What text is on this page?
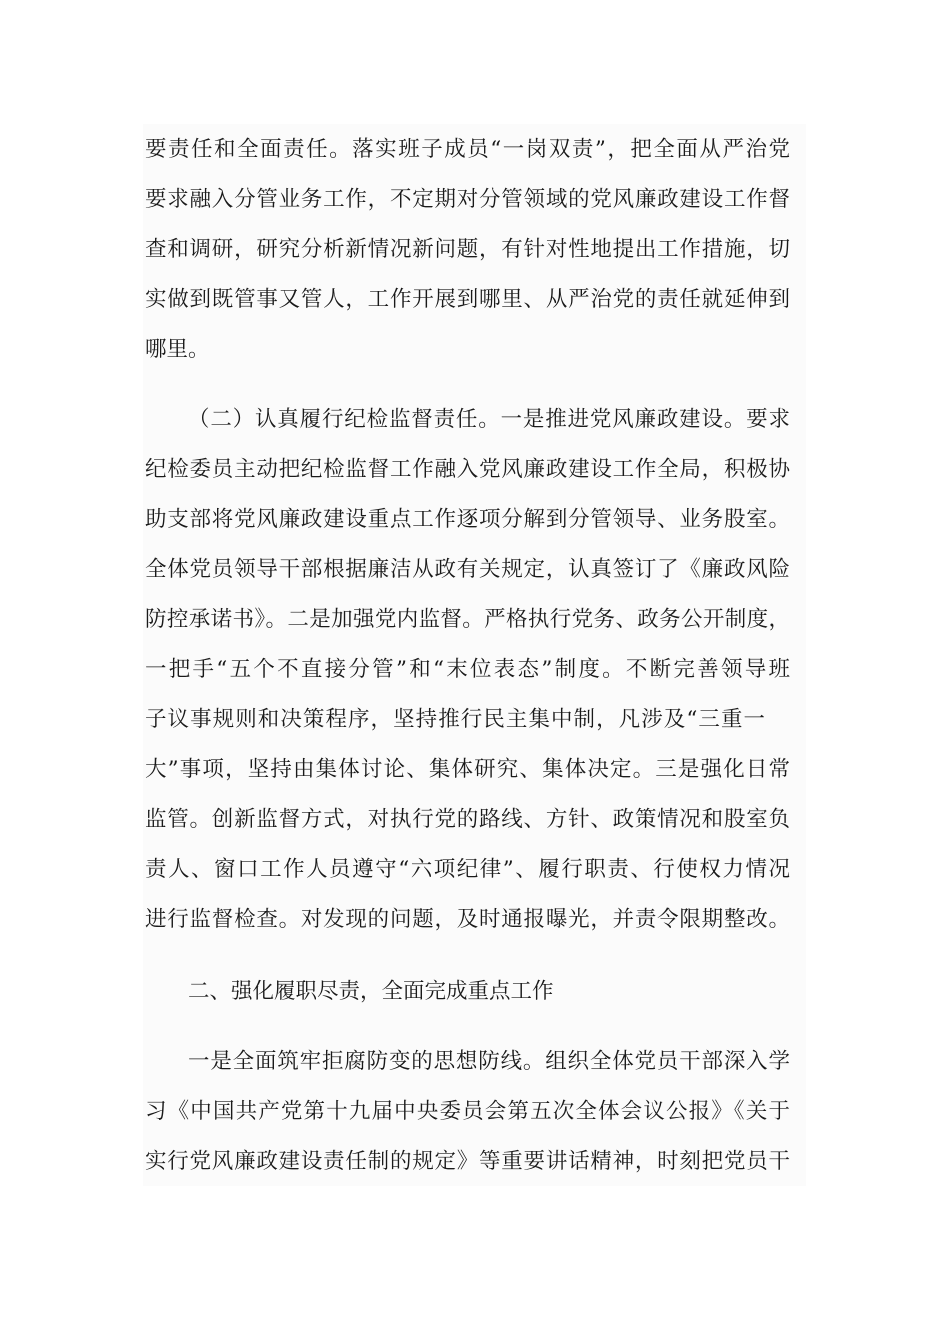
要责任和全面责任。落实班子成员“一岗双责”，把全面从严治党
要求融入分管业务工作，不定期对分管领域的党风廉政建设工作督
查和调研，研究分析新情况新问题，有针对性地提出工作措施，切
实做到既管事又管人，工作开展到哪里、从严治党的责任就延伸到
哪里。
（二）认真履行纪检监督责任。一是推进党风廉政建设。要求
纪检委员主动把纪检监督工作融入党风廉政建设工作全局，积极协
助支部将党风廉政建设重点工作逐项分解到分管领导、业务股室。
全体党员领导干部根据廉洁从政有关规定，认真签订了《廉政风险
防控承诺书》。二是加强党内监督。严格执行党务、政务公开制度，
一把手“五个不直接分管”和“末位表态”制度。不断完善领导班
子议事规则和决策程序，坚持推行民主集中制，凡涉及“三重一
大”事项，坚持由集体讨论、集体研究、集体决定。三是强化日常
监管。创新监督方式，对执行党的路线、方针、政策情况和股室负
责人、窗口工作人员遵守“六项纪律”、履行职责、行使权力情况
进行监督检查。对发现的问题，及时通报曝光，并责令限期整改。
二、强化履职尽责，全面完成重点工作
一是全面筑牢拒腐防变的思想防线。组织全体党员干部深入学
习《中国共产党第十九届中央委员会第五次全体会议公报》《关于
实行党风廉政建设责任制的规定》等重要讲话精神，时刻把党员干
